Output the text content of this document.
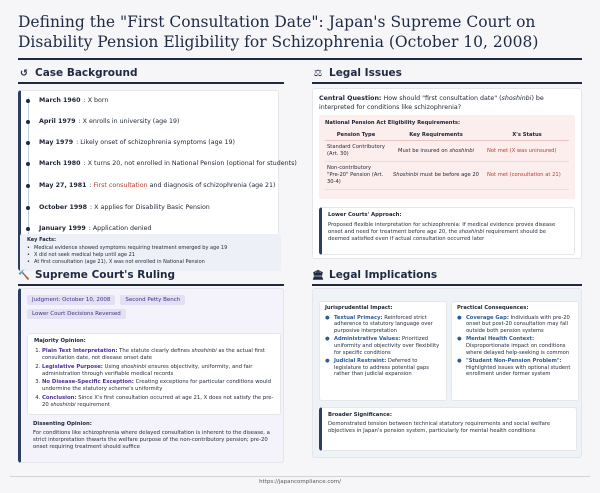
Defining the "First Consultation Date": Japan's Supreme Court on Disability Pension Eligibility for Schizophrenia (October 10, 2008)
↺ Case Background
March 1960 : X born
April 1979 : X enrolls in university (age 19)
May 1979 : Likely onset of schizophrenia symptoms (age 19)
March 1980 : X turns 20, not enrolled in National Pension (optional for students)
May 27, 1981 : First consultation and diagnosis of schizophrenia (age 21)
October 1998 : X applies for Disability Basic Pension
January 1999 : Application denied
Key Facts:
• Medical evidence showed symptoms requiring treatment emerged by age 19
• X did not seek medical help until age 21
• At first consultation (age 21), X was not enrolled in National Pension
⚖ Legal Issues
Central Question: How should "first consultation date" (shoshinbi) be interpreted for conditions like schizophrenia?
National Pension Act Eligibility Requirements:
Pension Type	Key Requirements	X's Status
Standard Contributory (Art. 30)	Must be insured on shoshinbi	Not met (X was uninsured)
Non-contributory "Pre-20" Pension (Art. 30-4)	Shoshinbi must be before age 20	Not met (consultation at 21)
Lower Courts' Approach:
Proposed flexible interpretation for schizophrenia: If medical evidence proves disease onset and need for treatment before age 20, the shoshinbi requirement should be deemed satisfied even if actual consultation occurred later
🔨 Supreme Court's Ruling
Judgment: October 10, 2008	Second Petty Bench
Lower Court Decisions Reversed
Majority Opinion:
1. Plain Text Interpretation: The statute clearly defines shoshinbi as the actual first consultation date, not disease onset date
2. Legislative Purpose: Using shoshinbi ensures objectivity, uniformity, and fair administration through verifiable medical records
3. No Disease-Specific Exception: Creating exceptions for particular conditions would undermine the statutory scheme's uniformity
4. Conclusion: Since X's first consultation occurred at age 21, X does not satisfy the pre-20 shoshinbi requirement
Dissenting Opinion:
For conditions like schizophrenia where delayed consultation is inherent to the disease, a strict interpretation thwarts the welfare purpose of the non-contributory pension; pre-20 onset requiring treatment should suffice
🏛 Legal Implications
Jurisprudential Impact:
● Textual Primacy: Reinforced strict adherence to statutory language over purposive interpretation
● Administrative Values: Prioritized uniformity and objectivity over flexibility for specific conditions
● Judicial Restraint: Deferred to legislature to address potential gaps rather than judicial expansion
Practical Consequences:
● Coverage Gap: Individuals with pre-20 onset but post-20 consultation may fall outside both pension systems
● Mental Health Context: Disproportionate impact on conditions where delayed help-seeking is common
● "Student Non-Pension Problem": Highlighted issues with optional student enrollment under former system
Broader Significance:
Demonstrated tension between technical statutory requirements and social welfare objectives in Japan's pension system, particularly for mental health conditions
https://japancompliance.com/
